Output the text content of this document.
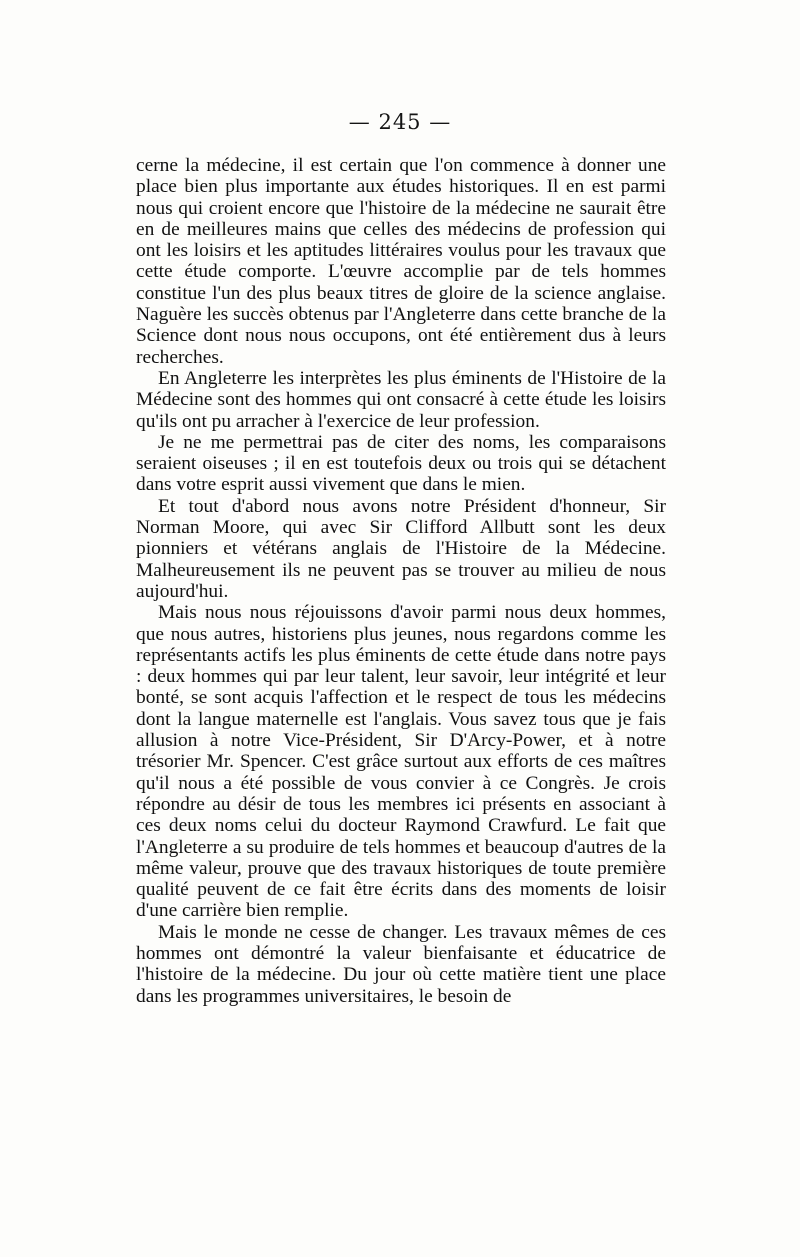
— 245 —

cerne la médecine, il est certain que l'on commence à donner une place bien plus importante aux études historiques. Il en est parmi nous qui croient encore que l'histoire de la médecine ne saurait être en de meilleures mains que celles des médecins de profession qui ont les loisirs et les aptitudes littéraires voulus pour les travaux que cette étude comporte. L'œuvre accomplie par de tels hommes constitue l'un des plus beaux titres de gloire de la science anglaise. Naguère les succès obtenus par l'Angleterre dans cette branche de la Science dont nous nous occupons, ont été entièrement dus à leurs recherches.

En Angleterre les interprètes les plus éminents de l'Histoire de la Médecine sont des hommes qui ont consacré à cette étude les loisirs qu'ils ont pu arracher à l'exercice de leur profession.

Je ne me permettrai pas de citer des noms, les comparaisons seraient oiseuses ; il en est toutefois deux ou trois qui se détachent dans votre esprit aussi vivement que dans le mien.

Et tout d'abord nous avons notre Président d'honneur, Sir Norman Moore, qui avec Sir Clifford Allbutt sont les deux pionniers et vétérans anglais de l'Histoire de la Médecine. Malheureusement ils ne peuvent pas se trouver au milieu de nous aujourd'hui.

Mais nous nous réjouissons d'avoir parmi nous deux hommes, que nous autres, historiens plus jeunes, nous regardons comme les représentants actifs les plus éminents de cette étude dans notre pays : deux hommes qui par leur talent, leur savoir, leur intégrité et leur bonté, se sont acquis l'affection et le respect de tous les médecins dont la langue maternelle est l'anglais. Vous savez tous que je fais allusion à notre Vice-Président, Sir D'Arcy-Power, et à notre trésorier Mr. Spencer. C'est grâce surtout aux efforts de ces maîtres qu'il nous a été possible de vous convier à ce Congrès. Je crois répondre au désir de tous les membres ici présents en associant à ces deux noms celui du docteur Raymond Crawfurd. Le fait que l'Angleterre a su produire de tels hommes et beaucoup d'autres de la même valeur, prouve que des travaux historiques de toute première qualité peuvent de ce fait être écrits dans des moments de loisir d'une carrière bien remplie.

Mais le monde ne cesse de changer. Les travaux mêmes de ces hommes ont démontré la valeur bienfaisante et éducatrice de l'histoire de la médecine. Du jour où cette matière tient une place dans les programmes universitaires, le besoin de
